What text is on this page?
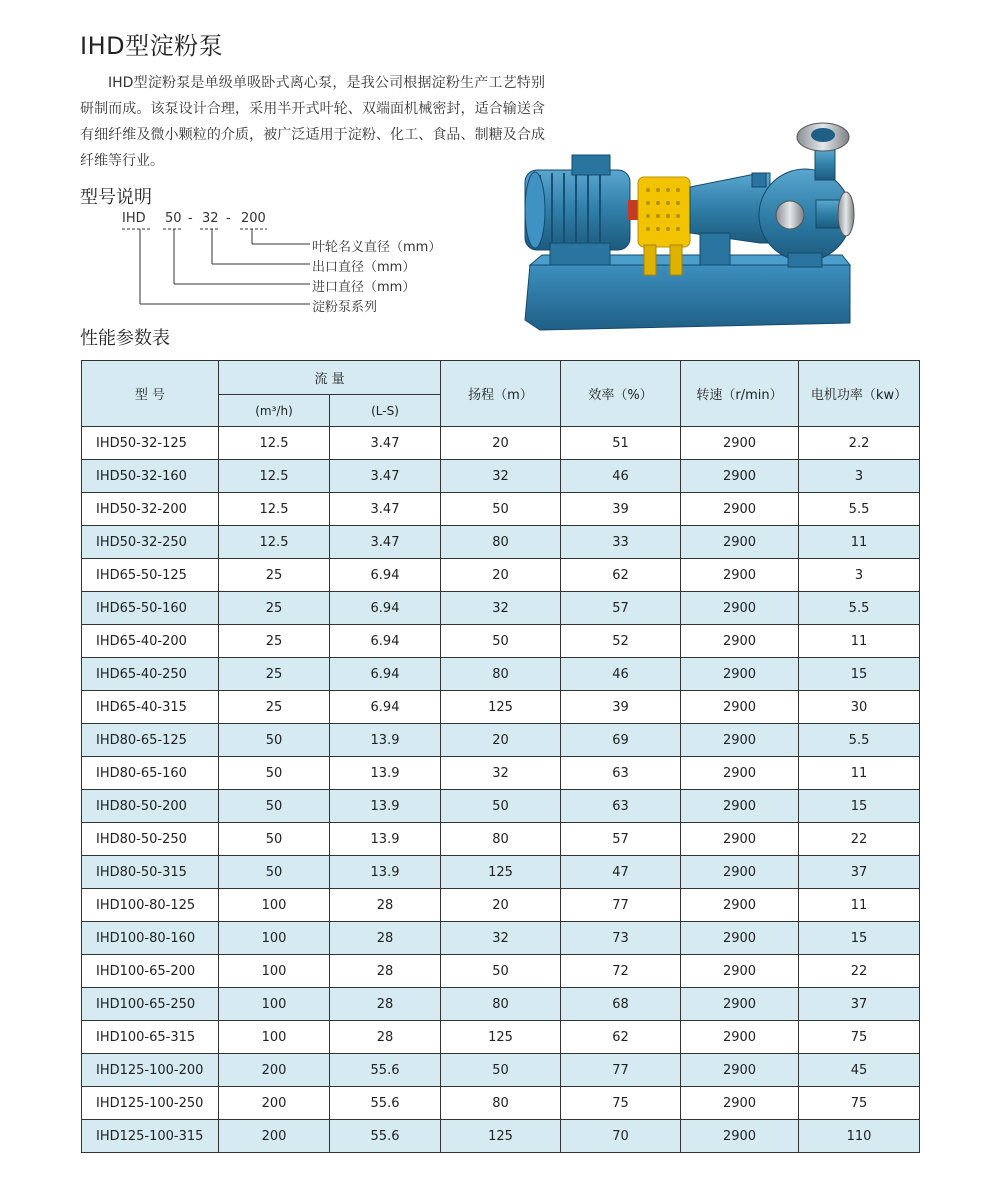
IHD型淀粉泵

IHD型淀粉泵是单级单吸卧式离心泵，是我公司根据淀粉生产工艺特别研制而成。该泵设计合理，采用半开式叶轮、双端面机械密封，适合输送含有细纤维及微小颗粒的介质，被广泛适用于淀粉、化工、食品、制糖及合成纤维等行业。

型号说明
IHD 50 - 32 - 200
叶轮名义直径（mm）
出口直径（mm）
进口直径（mm）
淀粉泵系列
性能参数表
型 号	流 量		扬程（m）	效率（%）	转速（r/min）	电机功率（kw）
	(m³/h)	(L-S)				
IHD50-32-125	12.5	3.47	20	51	2900	2.2
IHD50-32-160	12.5	3.47	32	46	2900	3
IHD50-32-200	12.5	3.47	50	39	2900	5.5
IHD50-32-250	12.5	3.47	80	33	2900	11
IHD65-50-125	25	6.94	20	62	2900	3
IHD65-50-160	25	6.94	32	57	2900	5.5
IHD65-40-200	25	6.94	50	52	2900	11
IHD65-40-250	25	6.94	80	46	2900	15
IHD65-40-315	25	6.94	125	39	2900	30
IHD80-65-125	50	13.9	20	69	2900	5.5
IHD80-65-160	50	13.9	32	63	2900	11
IHD80-50-200	50	13.9	50	63	2900	15
IHD80-50-250	50	13.9	80	57	2900	22
IHD80-50-315	50	13.9	125	47	2900	37
IHD100-80-125	100	28	20	77	2900	11
IHD100-80-160	100	28	32	73	2900	15
IHD100-65-200	100	28	50	72	2900	22
IHD100-65-250	100	28	80	68	2900	37
IHD100-65-315	100	28	125	62	2900	75
IHD125-100-200	200	55.6	50	77	2900	45
IHD125-100-250	200	55.6	80	75	2900	75
IHD125-100-315	200	55.6	125	70	2900	110
